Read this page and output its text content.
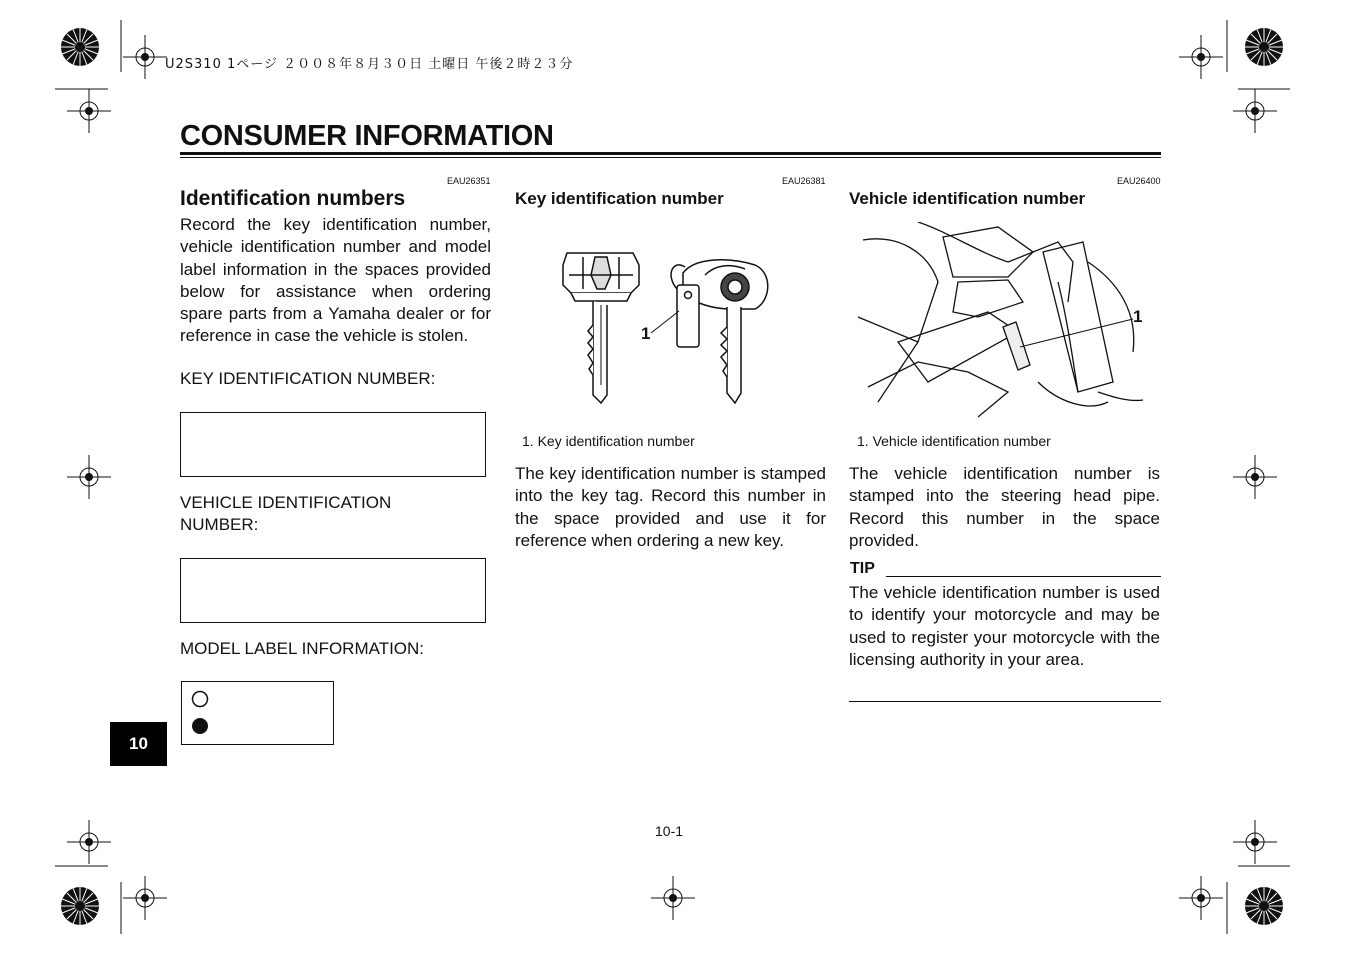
U2S310 1ページ ２００８年８月３０日 土曜日 午後２時２３分
CONSUMER INFORMATION
EAU26351
Identification numbers
Record the key identification number, vehicle identification number and model label information in the spaces provided below for assistance when ordering spare parts from a Yamaha dealer or for reference in case the vehicle is stolen.
KEY IDENTIFICATION NUMBER:
VEHICLE IDENTIFICATION
NUMBER:
MODEL LABEL INFORMATION:
EAU26381
Key identification number
1
1. Key identification number
The key identification number is stamped into the key tag. Record this number in the space provided and use it for reference when ordering a new key.
EAU26400
Vehicle identification number
1
1. Vehicle identification number
The vehicle identification number is stamped into the steering head pipe. Record this number in the space provided.
TIP
The vehicle identification number is used to identify your motorcycle and may be used to register your motorcycle with the licensing authority in your area.
10
10-1
